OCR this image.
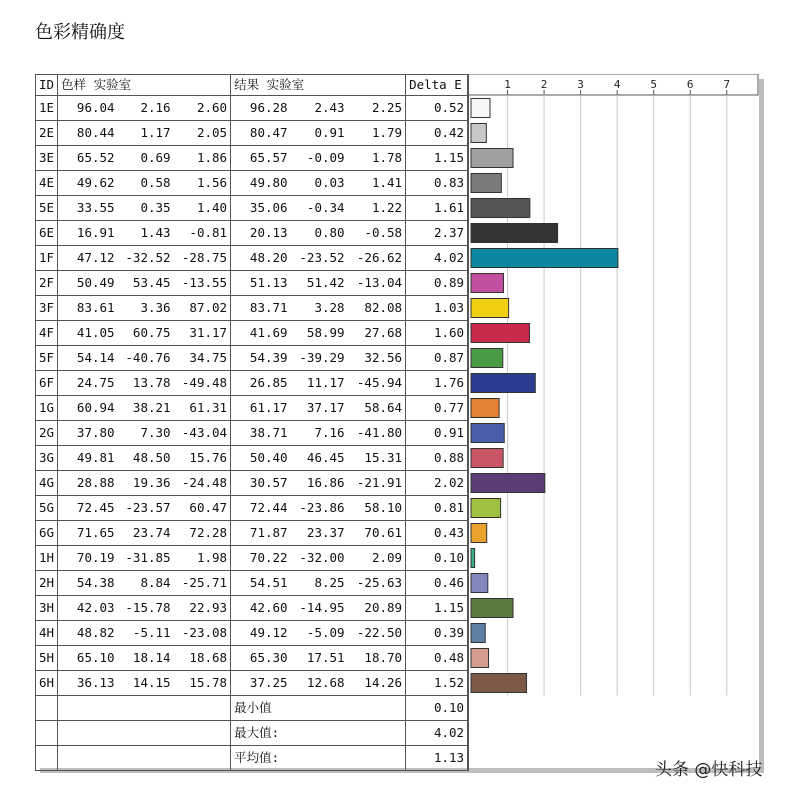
色彩精确度
ID	色样 实验室			结果 实验室			Delta E
1E	96.04	2.16	2.60	96.28	2.43	2.25	0.52
2E	80.44	1.17	2.05	80.47	0.91	1.79	0.42
3E	65.52	0.69	1.86	65.57	-0.09	1.78	1.15
4E	49.62	0.58	1.56	49.80	0.03	1.41	0.83
5E	33.55	0.35	1.40	35.06	-0.34	1.22	1.61
6E	16.91	1.43	-0.81	20.13	0.80	-0.58	2.37
1F	47.12	-32.52	-28.75	48.20	-23.52	-26.62	4.02
2F	50.49	53.45	-13.55	51.13	51.42	-13.04	0.89
3F	83.61	3.36	87.02	83.71	3.28	82.08	1.03
4F	41.05	60.75	31.17	41.69	58.99	27.68	1.60
5F	54.14	-40.76	34.75	54.39	-39.29	32.56	0.87
6F	24.75	13.78	-49.48	26.85	11.17	-45.94	1.76
1G	60.94	38.21	61.31	61.17	37.17	58.64	0.77
2G	37.80	7.30	-43.04	38.71	7.16	-41.80	0.91
3G	49.81	48.50	15.76	50.40	46.45	15.31	0.88
4G	28.88	19.36	-24.48	30.57	16.86	-21.91	2.02
5G	72.45	-23.57	60.47	72.44	-23.86	58.10	0.81
6G	71.65	23.74	72.28	71.87	23.37	70.61	0.43
1H	70.19	-31.85	1.98	70.22	-32.00	2.09	0.10
2H	54.38	8.84	-25.71	54.51	8.25	-25.63	0.46
3H	42.03	-15.78	22.93	42.60	-14.95	20.89	1.15
4H	48.82	-5.11	-23.08	49.12	-5.09	-22.50	0.39
5H	65.10	18.14	18.68	65.30	17.51	18.70	0.48
6H	36.13	14.15	15.78	37.25	12.68	14.26	1.52
				最小值			0.10
				最大值:			4.02
				平均值:			1.13
1	2	3	4	5	6	7
头条 @快科技
